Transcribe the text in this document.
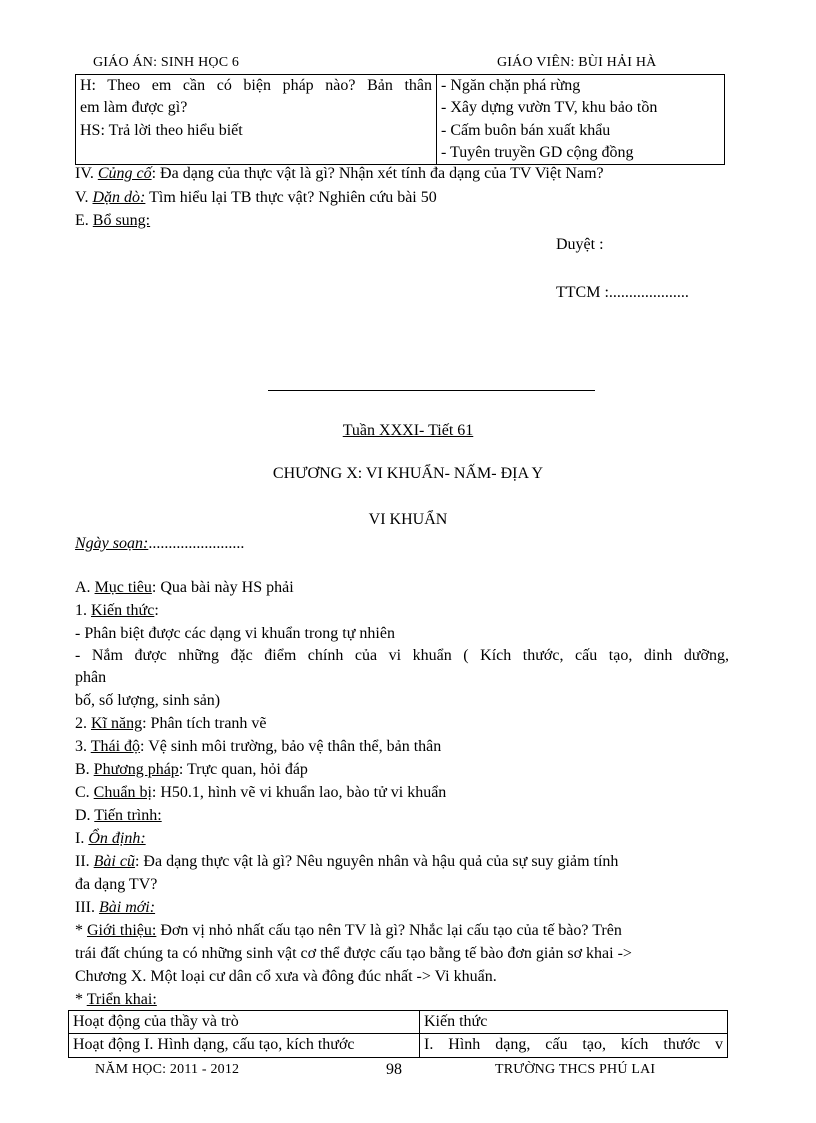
GIÁO ÁN: SINH HỌC 6	GIÁO VIÊN: BÙI HẢI HÀ
H: Theo em cần có biện pháp nào? Bản thân
em làm được gì?
HS: Trả lời theo hiểu biết

- Ngăn chặn phá rừng
- Xây dựng vườn TV, khu bảo tồn
- Cấm buôn bán xuất khẩu
- Tuyên truyền GD cộng đồng
IV. Củng cố: Đa dạng của thực vật là gì? Nhận xét tính đa dạng của TV Việt Nam?
V. Dặn dò: Tìm hiểu lại TB thực vật? Nghiên cứu bài 50
E. Bổ sung:
Duyệt :
TTCM :....................
Tuần XXXI- Tiết 61
CHƯƠNG X: VI KHUẨN- NẤM- ĐỊA Y
VI KHUẨN
Ngày soạn:........................
A. Mục tiêu: Qua bài này HS phải
1. Kiến thức:
- Phân biệt được các dạng vi khuẩn trong tự nhiên
- Nắm được những đặc điểm chính của vi khuẩn ( Kích thước, cấu tạo, dinh dưỡng,
phân
bố, số lượng, sinh sản)
2. Kĩ năng: Phân tích tranh vẽ
3. Thái độ: Vệ sinh môi trường, bảo vệ thân thể, bản thân
B. Phương pháp: Trực quan, hỏi đáp
C. Chuẩn bị: H50.1, hình vẽ vi khuẩn lao, bào tử vi khuẩn
D. Tiến trình:
I. Ổn định:
II. Bài cũ: Đa dạng thực vật là gì? Nêu nguyên nhân và hậu quả của sự suy giảm tính
đa dạng TV?
III. Bài mới:
* Giới thiệu: Đơn vị nhỏ nhất cấu tạo nên TV là gì? Nhắc lại cấu tạo của tế bào? Trên
trái đất chúng ta có những sinh vật cơ thể được cấu tạo bằng tế bào đơn giản sơ khai ->
Chương X. Một loại cư dân cổ xưa và đông đúc nhất -> Vi khuẩn.
* Triển khai:
Hoạt động của thầy và trò	Kiến thức
Hoạt động I. Hình dạng, cấu tạo, kích thước	I. Hình dạng, cấu tạo, kích thước v
NĂM HỌC: 2011 - 2012	98	TRƯỜNG THCS PHÚ LAI
